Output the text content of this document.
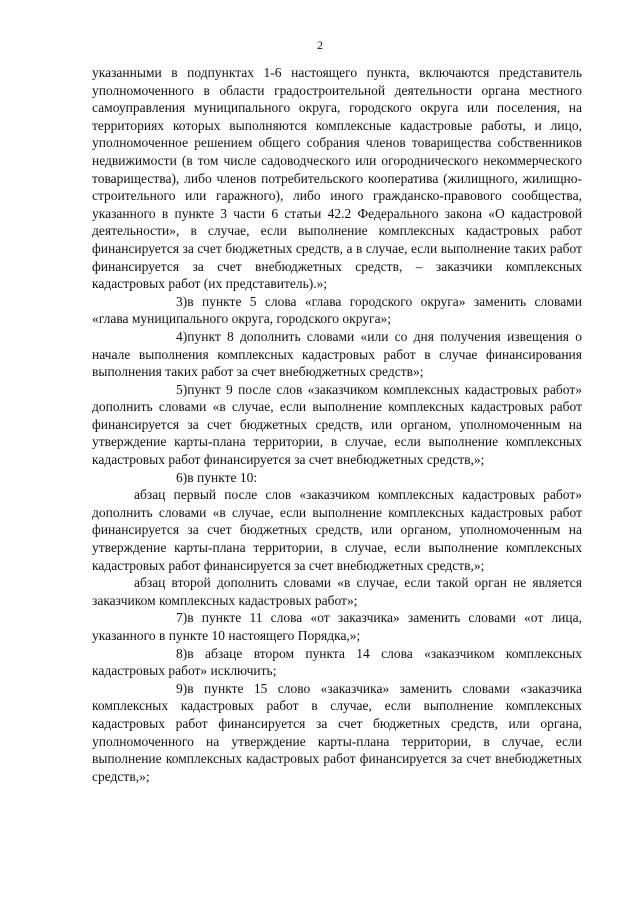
2

указанными в подпунктах 1-6 настоящего пункта, включаются представитель уполномоченного в области градостроительной деятельности органа местного самоуправления муниципального округа, городского округа или поселения, на территориях которых выполняются комплексные кадастровые работы, и лицо, уполномоченное решением общего собрания членов товарищества собственников недвижимости (в том числе садоводческого или огороднического некоммерческого товарищества), либо членов потребительского кооператива (жилищного, жилищно-строительного или гаражного), либо иного гражданско-правового сообщества, указанного в пункте 3 части 6 статьи 42.2 Федерального закона «О кадастровой деятельности», в случае, если выполнение комплексных кадастровых работ финансируется за счет бюджетных средств, а в случае, если выполнение таких работ финансируется за счет внебюджетных средств, – заказчики комплексных кадастровых работ (их представитель).»;

3)в пункте 5 слова «глава городского округа» заменить словами «глава муниципального округа, городского округа»;

4)пункт 8 дополнить словами «или со дня получения извещения о начале выполнения комплексных кадастровых работ в случае финансирования выполнения таких работ за счет внебюджетных средств»;

5)пункт 9 после слов «заказчиком комплексных кадастровых работ» дополнить словами «в случае, если выполнение комплексных кадастровых работ финансируется за счет бюджетных средств, или органом, уполномоченным на утверждение карты-плана территории, в случае, если выполнение комплексных кадастровых работ финансируется за счет внебюджетных средств,»;

6)в пункте 10:

абзац первый после слов «заказчиком комплексных кадастровых работ» дополнить словами «в случае, если выполнение комплексных кадастровых работ финансируется за счет бюджетных средств, или органом, уполномоченным на утверждение карты-плана территории, в случае, если выполнение комплексных кадастровых работ финансируется за счет внебюджетных средств,»;

абзац второй дополнить словами «в случае, если такой орган не является заказчиком комплексных кадастровых работ»;

7)в пункте 11 слова «от заказчика» заменить словами «от лица, указанного в пункте 10 настоящего Порядка,»;

8)в абзаце втором пункта 14 слова «заказчиком комплексных кадастровых работ» исключить;

9)в пункте 15 слово «заказчика» заменить словами «заказчика комплексных кадастровых работ в случае, если выполнение комплексных кадастровых работ финансируется за счет бюджетных средств, или органа, уполномоченного на утверждение карты-плана территории, в случае, если выполнение комплексных кадастровых работ финансируется за счет внебюджетных средств,»;
